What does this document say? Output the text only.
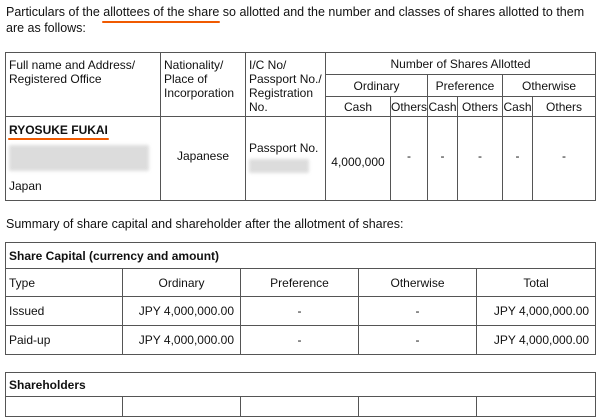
Particulars of the allottees of the share so allotted and the number and classes of shares allotted to them are as follows:
Full name and Address/ Registered Office	Nationality/ Place of Incorporation	I/C No/ Passport No./ Registration No.	Number of Shares Allotted					
			Ordinary		Preference		Otherwise	
			Cash	Others	Cash	Others	Cash	Others
RYOSUKE FUKAI
Japan	Japanese	Passport No.	4,000,000	-	-	-	-	-
Summary of share capital and shareholder after the allotment of shares:
Share Capital (currency and amount)				
Type	Ordinary	Preference	Otherwise	Total
Issued	JPY 4,000,000.00	-	-	JPY 4,000,000.00
Paid-up	JPY 4,000,000.00	-	-	JPY 4,000,000.00
Shareholders
